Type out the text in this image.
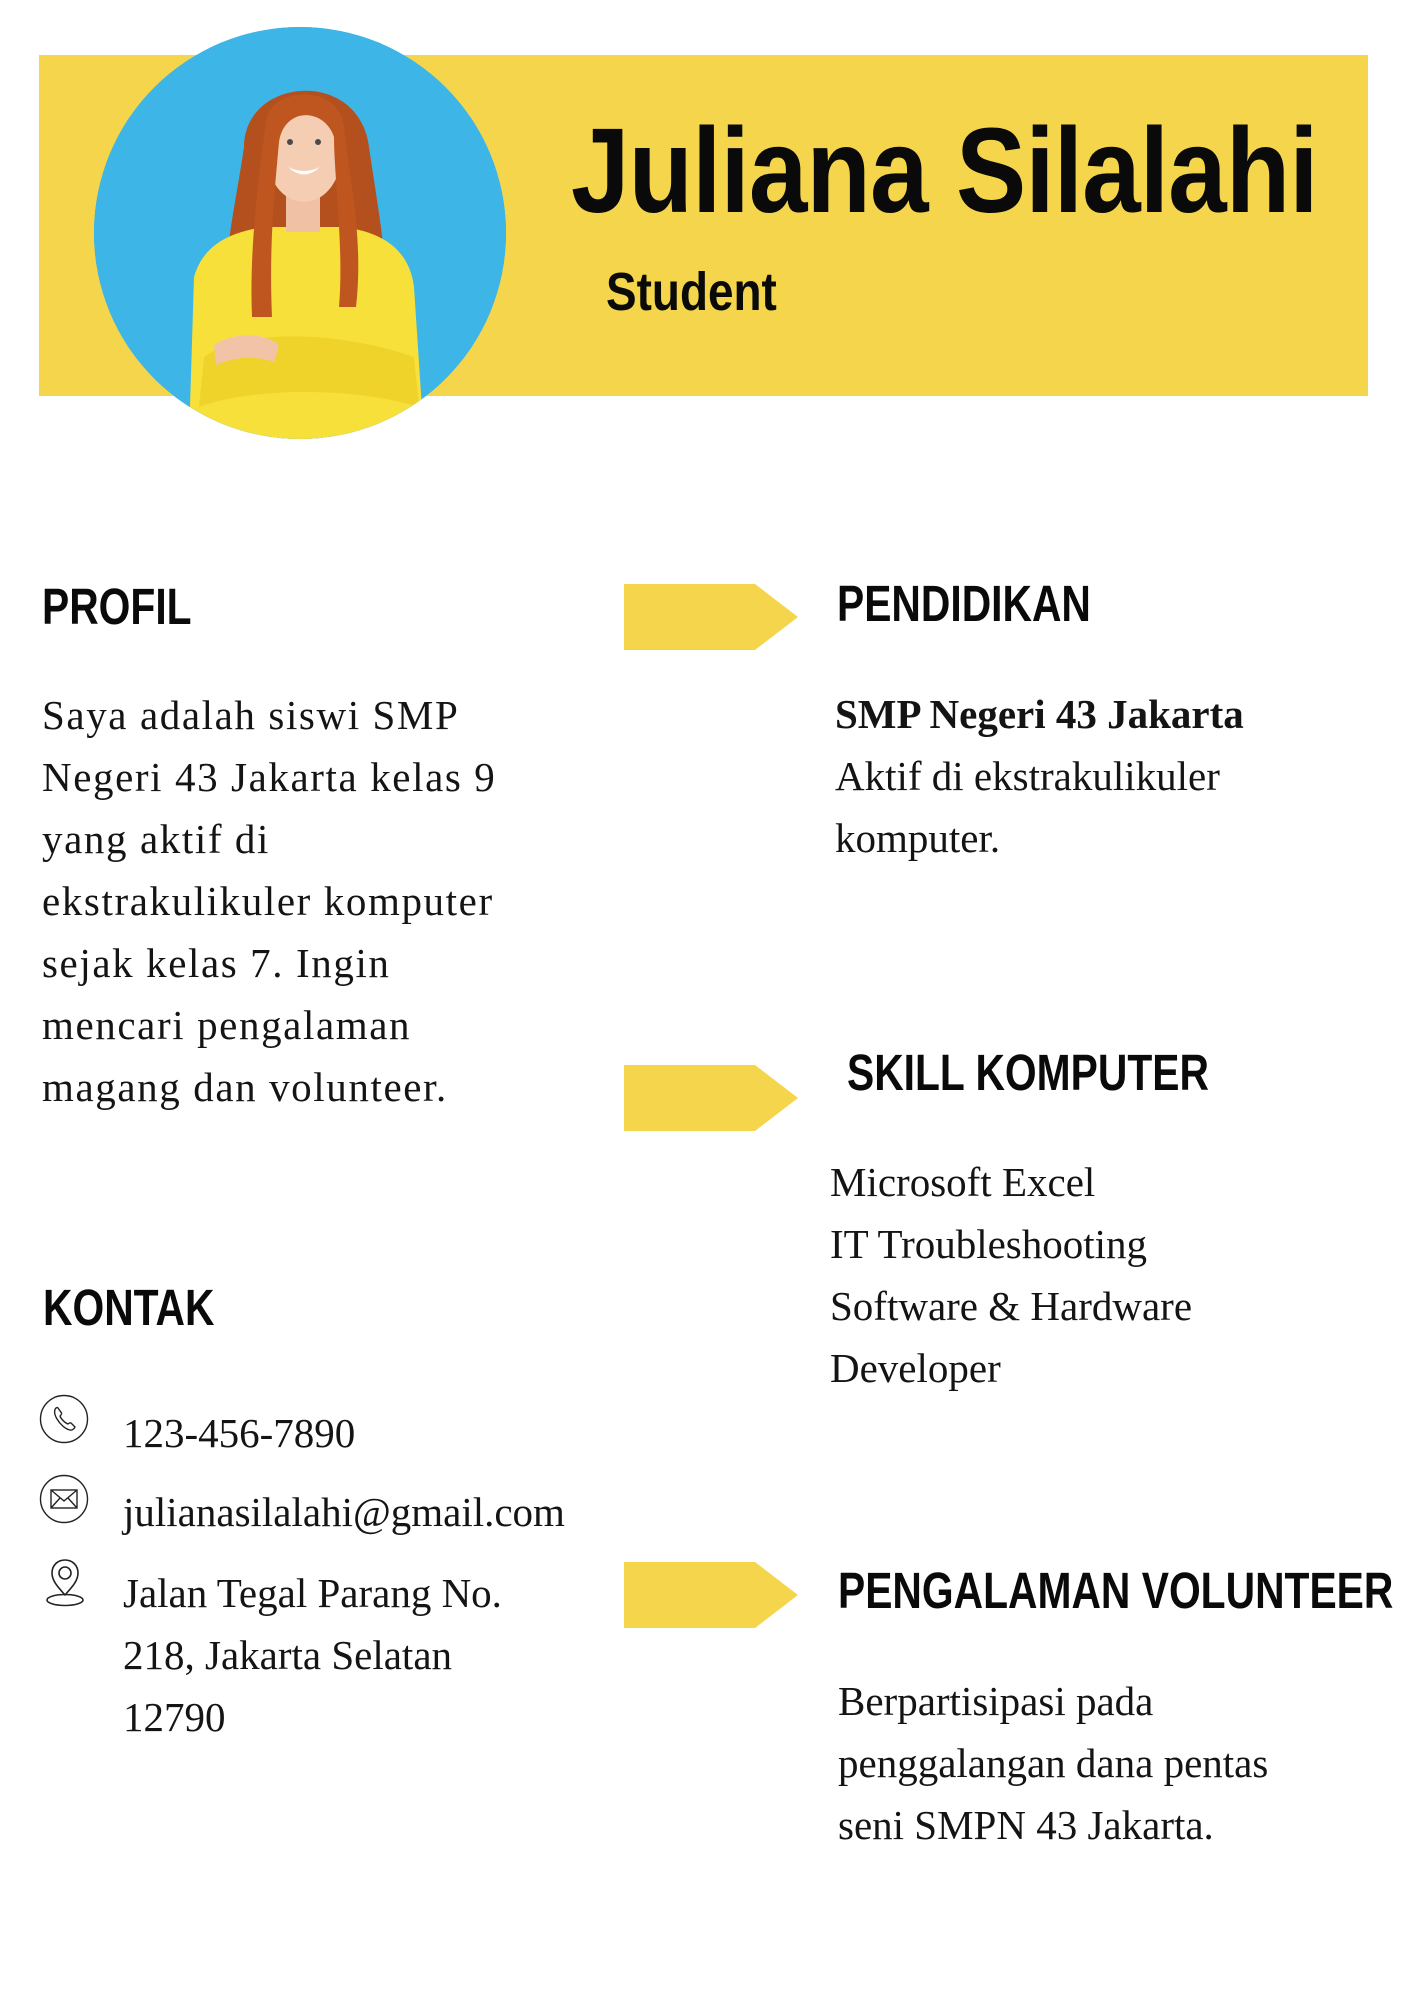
Juliana Silalahi
Student
PROFIL
Saya adalah siswi SMP
Negeri 43 Jakarta kelas 9
yang aktif di
ekstrakulikuler komputer
sejak kelas 7. Ingin
mencari pengalaman
magang dan volunteer.
KONTAK
123-456-7890
julianasilalahi@gmail.com
Jalan Tegal Parang No.
218, Jakarta Selatan
12790
PENDIDIKAN
SMP Negeri 43 Jakarta
Aktif di ekstrakulikuler
komputer.
SKILL KOMPUTER
Microsoft Excel
IT Troubleshooting
Software & Hardware
Developer
PENGALAMAN VOLUNTEER
Berpartisipasi pada
penggalangan dana pentas
seni SMPN 43 Jakarta.
